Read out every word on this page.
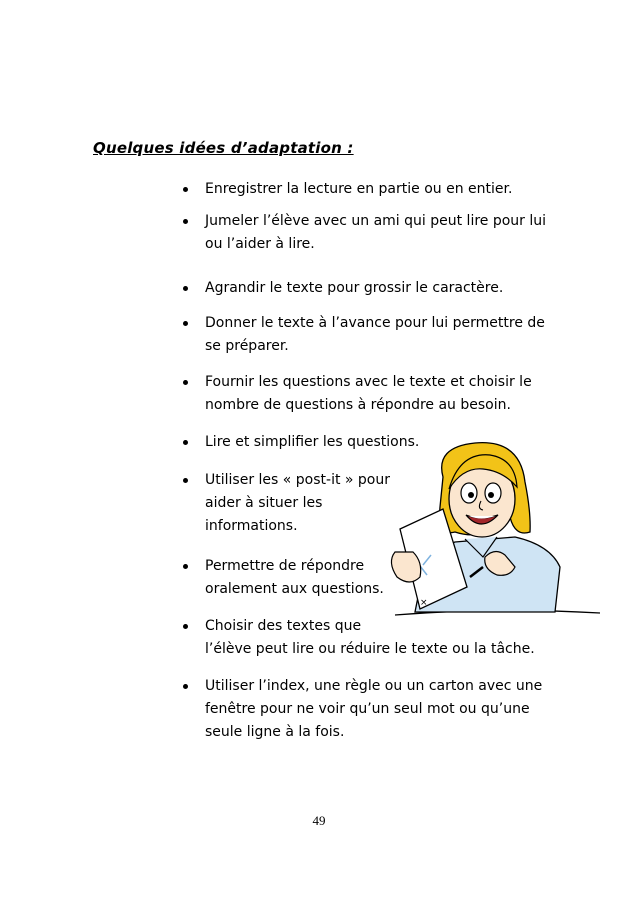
Quelques idées d’adaptation :
Enregistrer la lecture en partie ou en entier.
Jumeler l’élève avec un ami qui peut lire pour lui
ou l’aider à lire.
Agrandir le texte pour grossir le caractère.
Donner le texte à l’avance pour lui permettre de
se préparer.
Fournir les questions avec le texte et choisir le
nombre de questions à répondre au besoin.
Lire et simplifier les questions.
Utiliser les « post-it » pour
aider à situer les
informations.
Permettre de répondre
oralement aux questions.
Choisir des textes que
l’élève peut lire ou réduire le texte ou la tâche.
Utiliser l’index, une règle ou un carton avec une
fenêtre pour ne voir qu’un seul mot ou qu’une
seule ligne à la fois.
×
49
